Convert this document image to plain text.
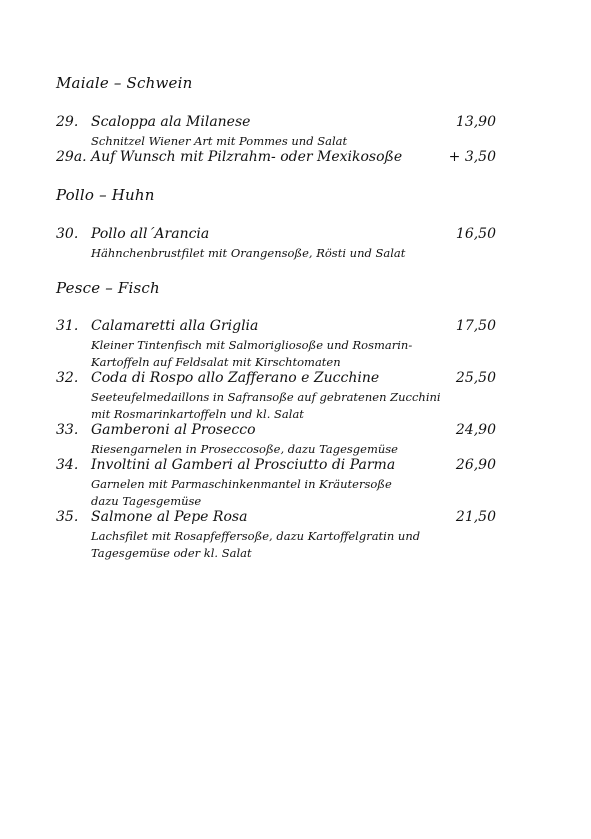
Maiale – Schwein
29. Scaloppa ala Milanese	13,90
Schnitzel Wiener Art mit Pommes und Salat
29a. Auf Wunsch mit Pilzrahm- oder Mexikosoße	+ 3,50
Pollo – Huhn
30. Pollo all´Arancia	16,50
Hähnchenbrustfilet mit Orangensoße, Rösti und Salat
Pesce – Fisch
31. Calamaretti alla Griglia	17,50
Kleiner Tintenfisch mit Salmorigliosoße und Rosmarin-
Kartoffeln auf Feldsalat mit Kirschtomaten
32. Coda di Rospo allo Zafferano e Zucchine	25,50
Seeteufelmedaillons in Safransoße auf gebratenen Zucchini
mit Rosmarinkartoffeln und kl. Salat
33. Gamberoni al Prosecco	24,90
Riesengarnelen in Proseccosoße, dazu Tagesgemüse
34. Involtini al Gamberi al Prosciutto di Parma	26,90
Garnelen mit Parmaschinkenmantel in Kräutersoße
dazu Tagesgemüse
35. Salmone al Pepe Rosa	21,50
Lachsfilet mit Rosapfeffersoße, dazu Kartoffelgratin und
Tagesgemüse oder kl. Salat
